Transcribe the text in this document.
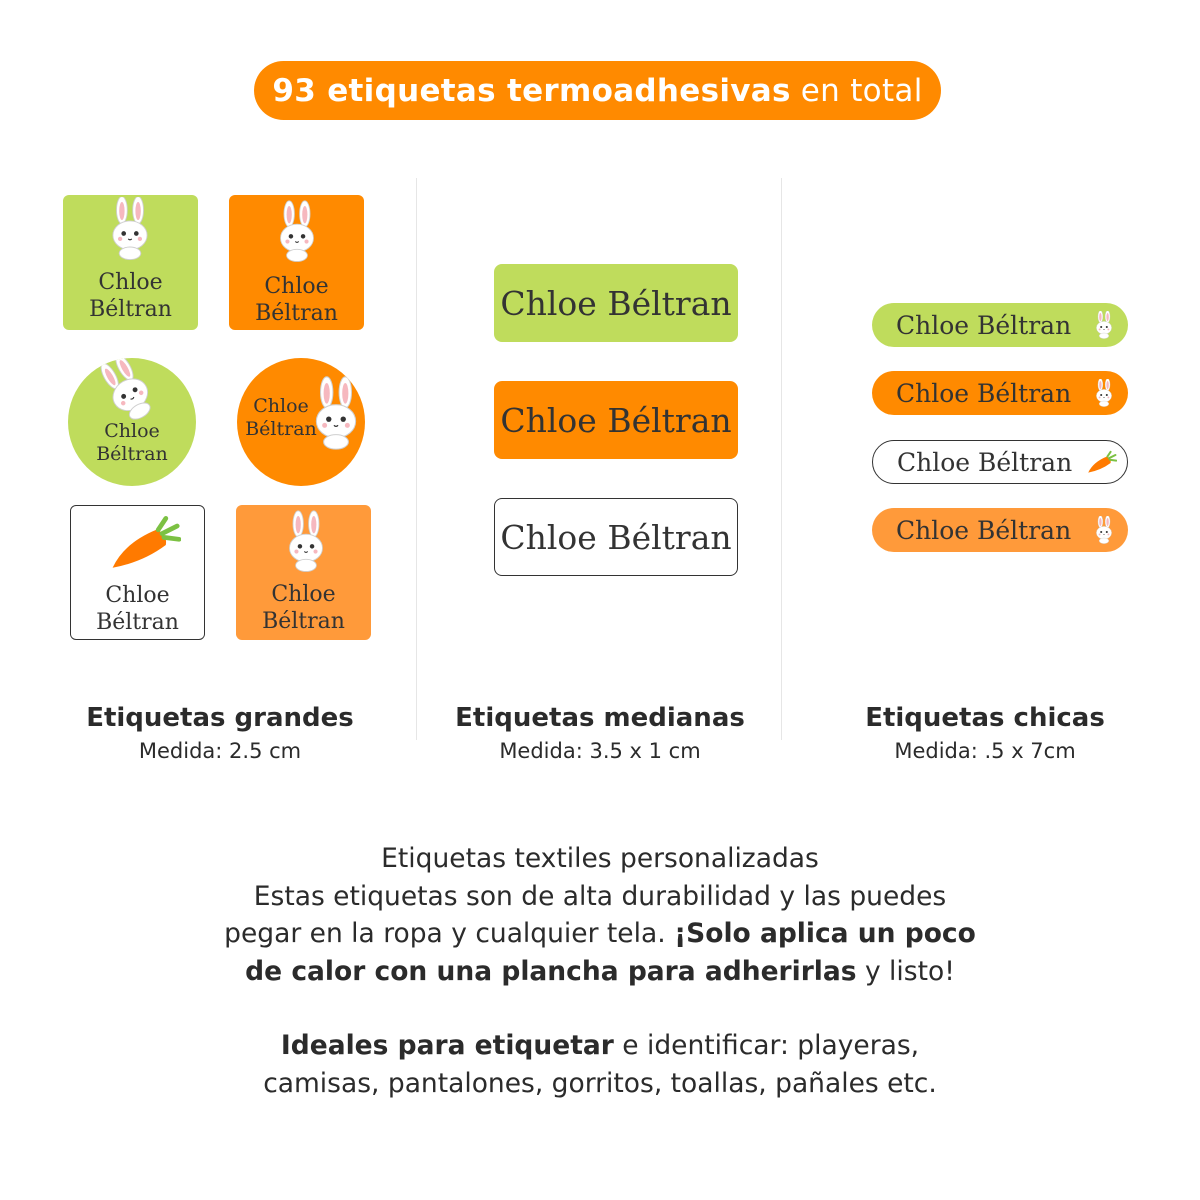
93 etiquetas termoadhesivas en total
Chloe
Béltran
Chloe
Béltran
Chloe
Béltran
Chloe
Béltran
Chloe
Béltran
Chloe
Béltran
Chloe Béltran
Chloe Béltran
Chloe Béltran
Chloe Béltran
Chloe Béltran
Chloe Béltran
Chloe Béltran
Etiquetas grandes
Medida: 2.5 cm
Etiquetas medianas
Medida: 3.5 x 1 cm
Etiquetas chicas
Medida: .5 x 7cm

Etiquetas textiles personalizadas

Estas etiquetas son de alta durabilidad y las puedes pegar en la ropa y cualquier tela. ¡Solo aplica un poco de calor con una plancha para adherirlas y listo!

Ideales para etiquetar e identificar: playeras, camisas, pantalones, gorritos, toallas, pañales etc.
